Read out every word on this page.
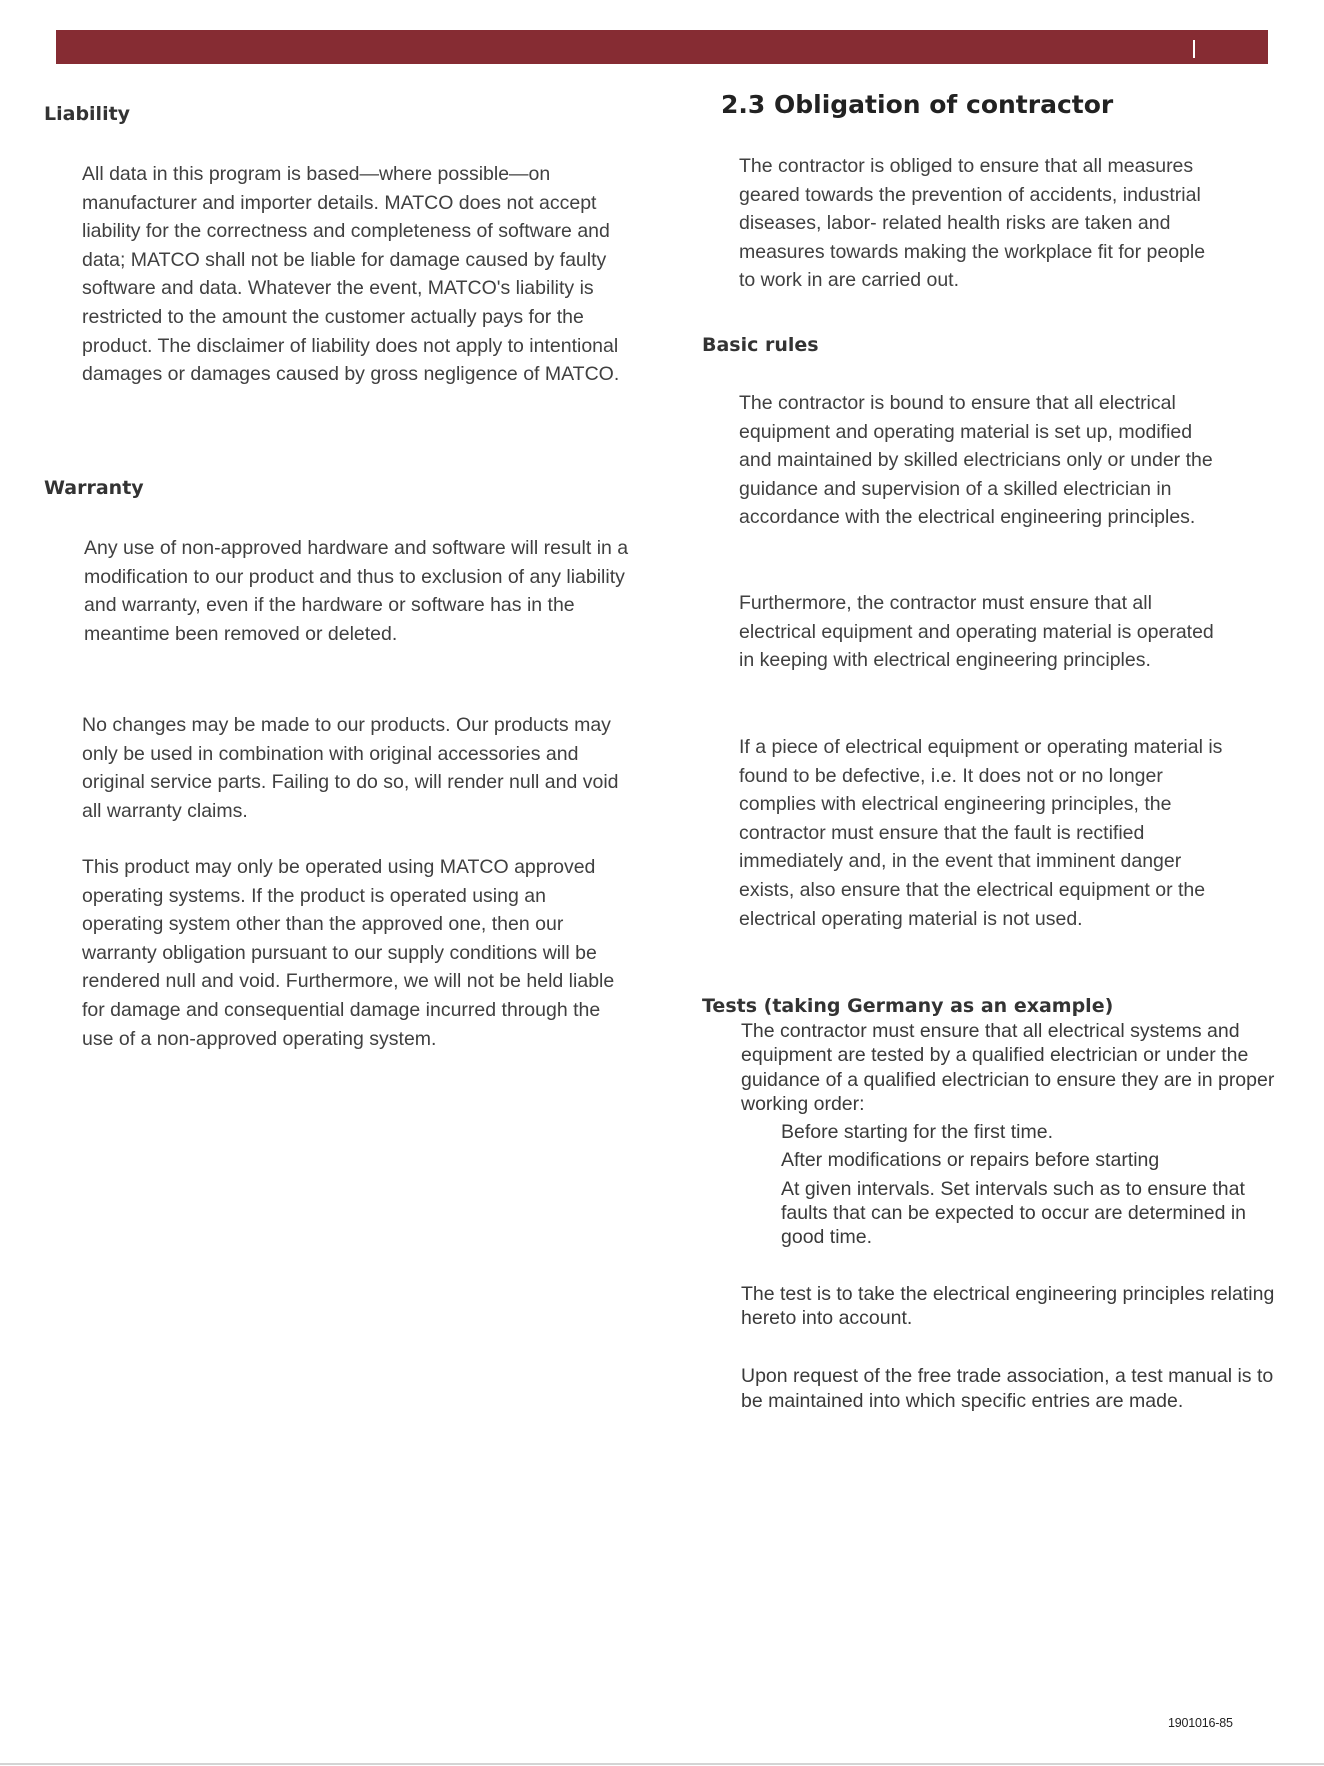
Liability

All data in this program is based—where possible—on manufacturer and importer details. MATCO does not accept liability for the correctness and completeness of software and data; MATCO shall not be liable for damage caused by faulty software and data. Whatever the event, MATCO's liability is restricted to the amount the customer actually pays for the product. The disclaimer of liability does not apply to intentional damages or damages caused by gross negligence of MATCO.

Warranty

Any use of non-approved hardware and software will result in a modification to our product and thus to exclusion of any liability and warranty, even if the hardware or software has in the meantime been removed or deleted.

No changes may be made to our products. Our products may only be used in combination with original accessories and original service parts. Failing to do so, will render null and void all warranty claims.

This product may only be operated using MATCO approved operating systems. If the product is operated using an operating system other than the approved one, then our warranty obligation pursuant to our supply conditions will be rendered null and void. Furthermore, we will not be held liable for damage and consequential damage incurred through the use of a non-approved operating system.

2.3 Obligation of contractor

The contractor is obliged to ensure that all measures geared towards the prevention of accidents, industrial diseases, labor- related health risks are taken and measures towards making the workplace fit for people to work in are carried out.

Basic rules

The contractor is bound to ensure that all electrical equipment and operating material is set up, modified and maintained by skilled electricians only or under the guidance and supervision of a skilled electrician in accordance with the electrical engineering principles.

Furthermore, the contractor must ensure that all electrical equipment and operating material is operated in keeping with electrical engineering principles.

If a piece of electrical equipment or operating material is found to be defective, i.e. It does not or no longer complies with electrical engineering principles, the contractor must ensure that the fault is rectified immediately and, in the event that imminent danger exists, also ensure that the electrical equipment or the electrical operating material is not used.

Tests (taking Germany as an example)

The contractor must ensure that all electrical systems and equipment are tested by a qualified electrician or under the guidance of a qualified electrician to ensure they are in proper working order:

Before starting for the first time.
After modifications or repairs before starting
At given intervals. Set intervals such as to ensure that faults that can be expected to occur are determined in good time.

The test is to take the electrical engineering principles relating hereto into account.

Upon request of the free trade association, a test manual is to be maintained into which specific entries are made.

1901016-85
